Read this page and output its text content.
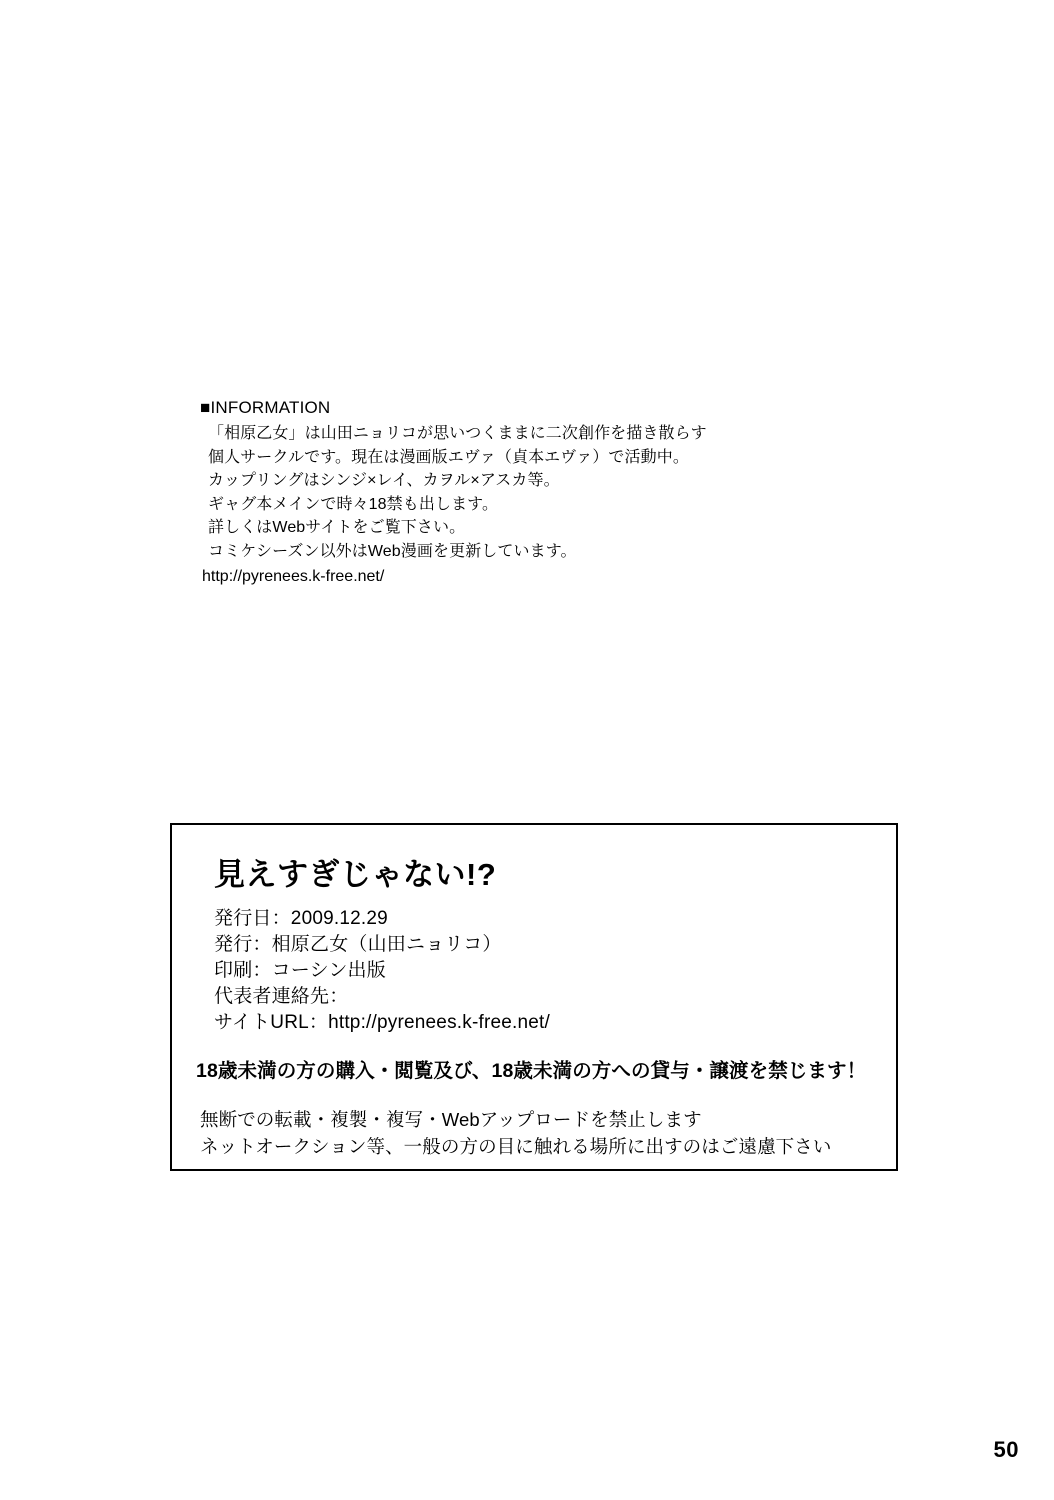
■INFORMATION
「相原乙女」は山田ニョリコが思いつくままに二次創作を描き散らす
個人サークルです。現在は漫画版エヴァ（貞本エヴァ）で活動中。
カップリングはシンジ×レイ、カヲル×アスカ等。
ギャグ本メインで時々18禁も出します。
詳しくはWebサイトをご覧下さい。
コミケシーズン以外はWeb漫画を更新しています。
http://pyrenees.k-free.net/
見えすぎじゃない!?
発行日：2009.12.29
発行：相原乙女（山田ニョリコ）
印刷：コーシン出版
代表者連絡先：
サイトURL：http://pyrenees.k-free.net/
18歳未満の方の購入・閲覧及び、18歳未満の方への貸与・譲渡を禁じます！
無断での転載・複製・複写・Webアップロードを禁止します
ネットオークション等、一般の方の目に触れる場所に出すのはご遠慮下さい
50
